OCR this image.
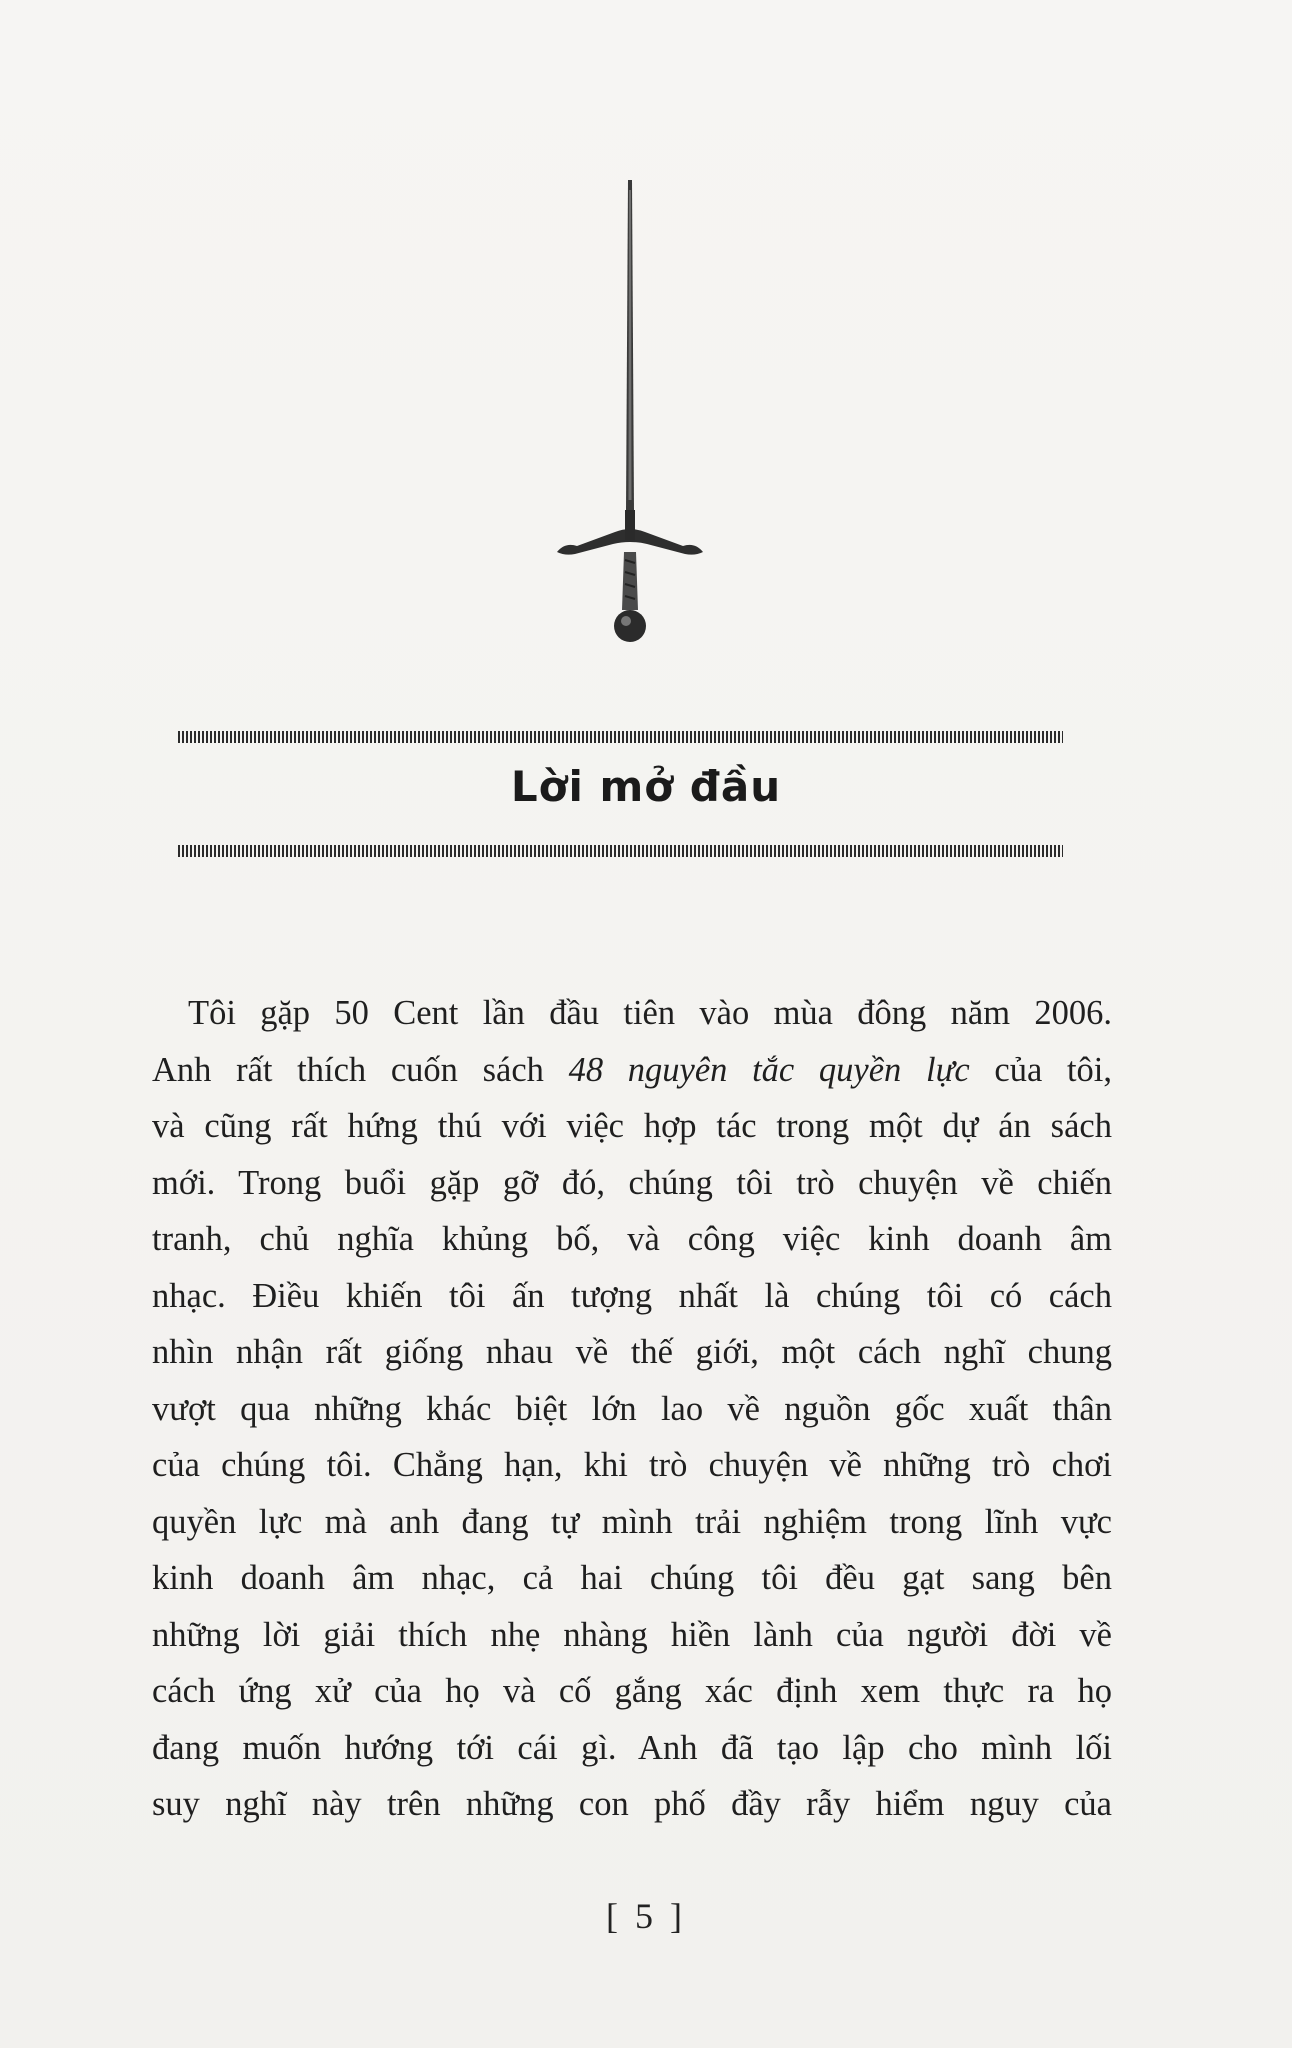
Lời mở đầu
Tôi gặp 50 Cent lần đầu tiên vào mùa đông năm 2006.
Anh rất thích cuốn sách 48 nguyên tắc quyền lực của tôi,
và cũng rất hứng thú với việc hợp tác trong một dự án sách
mới. Trong buổi gặp gỡ đó, chúng tôi trò chuyện về chiến
tranh, chủ nghĩa khủng bố, và công việc kinh doanh âm
nhạc. Điều khiến tôi ấn tượng nhất là chúng tôi có cách
nhìn nhận rất giống nhau về thế giới, một cách nghĩ chung
vượt qua những khác biệt lớn lao về nguồn gốc xuất thân
của chúng tôi. Chẳng hạn, khi trò chuyện về những trò chơi
quyền lực mà anh đang tự mình trải nghiệm trong lĩnh vực
kinh doanh âm nhạc, cả hai chúng tôi đều gạt sang bên
những lời giải thích nhẹ nhàng hiền lành của người đời về
cách ứng xử của họ và cố gắng xác định xem thực ra họ
đang muốn hướng tới cái gì. Anh đã tạo lập cho mình lối
suy nghĩ này trên những con phố đầy rẫy hiểm nguy của
[ 5 ]
